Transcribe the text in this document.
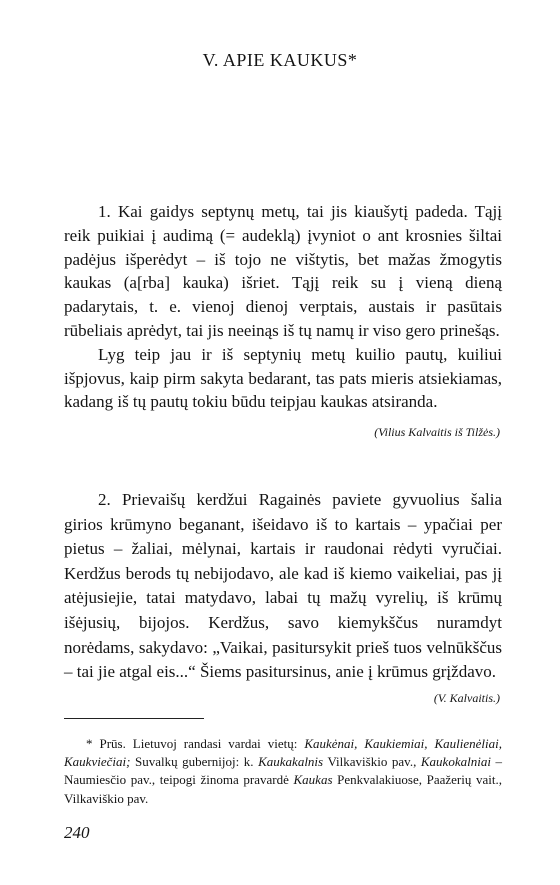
V. APIE KAUKUS*

1. Kai gaidys septynų metų, tai jis kiaušytį padeda. Tąjį reik puikiai į audimą (= audeklą) įvyniot o ant krosnies šiltai padėjus išperėdyt – iš tojo ne vištytis, bet mažas žmogytis kaukas (a[rba] kauka) išriet. Tąjį reik su į vieną dieną padarytais, t. e. vienoj dienoj verptais, austais ir pasūtais rūbeliais aprėdyt, tai jis neeinąs iš tų namų ir viso gero prinešąs.

Lyg teip jau ir iš septynių metų kuilio pautų, kuiliui išpjovus, kaip pirm sakyta bedarant, tas pats mieris atsiekiamas, kadang iš tų pautų tokiu būdu teipjau kaukas atsiranda.

(Vilius Kalvaitis iš Tilžės.)

2. Prievaišų kerdžui Ragainės paviete gyvuolius šalia girios krūmyno beganant, išeidavo iš to kartais – ypačiai per pietus – žaliai, mėlynai, kartais ir raudonai rėdyti vyručiai. Kerdžus berods tų nebijodavo, ale kad iš kiemo vaikeliai, pas jį atėjusiejie, tatai matydavo, labai tų mažų vyrelių, iš krūmų išėjusių, bijojos. Kerdžus, savo kiemykščus nuramdyt norėdams, sakydavo: „Vaikai, pasitursykit prieš tuos velnūkščus – tai jie atgal eis...“ Šiems pasitursinus, anie į krūmus grįždavo.

(V. Kalvaitis.)

* Prūs. Lietuvoj randasi vardai vietų: Kaukėnai, Kaukiemiai, Kaulienėliai, Kaukviečiai; Suvalkų gubernijoj: k. Kaukakalnis Vilkaviškio pav., Kaukokalniai – Naumiesčio pav., teipogi žinoma pravardė Kaukas Penkvalakiuose, Paažerių vait., Vilkaviškio pav.

240
